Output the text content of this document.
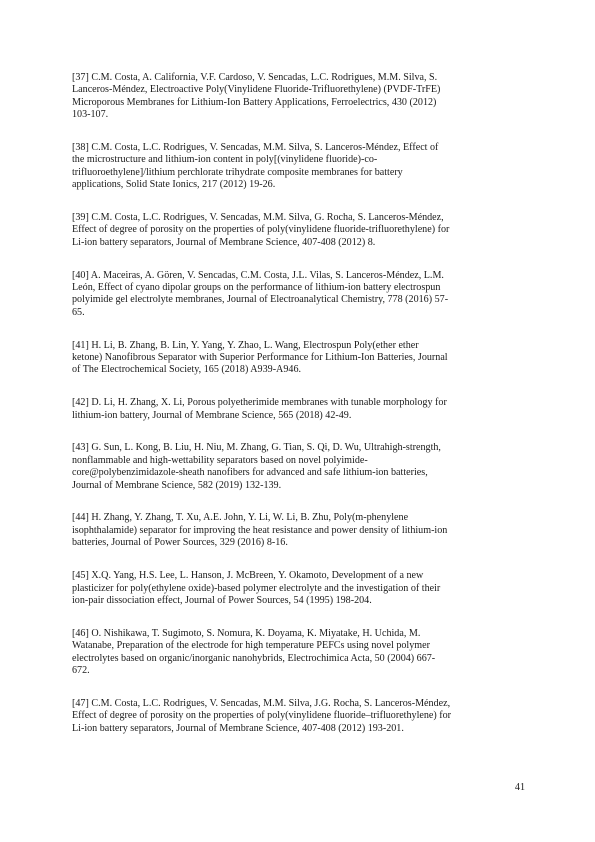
[37] C.M. Costa, A. California, V.F. Cardoso, V. Sencadas, L.C. Rodrigues, M.M. Silva, S.
Lanceros-Méndez, Electroactive Poly(Vinylidene Fluoride-Trifluorethylene) (PVDF-TrFE)
Microporous Membranes for Lithium-Ion Battery Applications, Ferroelectrics, 430 (2012)
103-107.
[38] C.M. Costa, L.C. Rodrigues, V. Sencadas, M.M. Silva, S. Lanceros-Méndez, Effect of
the microstructure and lithium-ion content in poly[(vinylidene fluoride)-co-
trifluoroethylene]/lithium perchlorate trihydrate composite membranes for battery
applications, Solid State Ionics, 217 (2012) 19-26.
[39] C.M. Costa, L.C. Rodrigues, V. Sencadas, M.M. Silva, G. Rocha, S. Lanceros-Méndez,
Effect of degree of porosity on the properties of poly(vinylidene fluoride-trifluorethylene) for
Li-ion battery separators, Journal of Membrane Science, 407-408 (2012) 8.
[40] A. Maceiras, A. Gören, V. Sencadas, C.M. Costa, J.L. Vilas, S. Lanceros-Méndez, L.M.
León, Effect of cyano dipolar groups on the performance of lithium-ion battery electrospun
polyimide gel electrolyte membranes, Journal of Electroanalytical Chemistry, 778 (2016) 57-
65.
[41] H. Li, B. Zhang, B. Lin, Y. Yang, Y. Zhao, L. Wang, Electrospun Poly(ether ether
ketone) Nanofibrous Separator with Superior Performance for Lithium-Ion Batteries, Journal
of The Electrochemical Society, 165 (2018) A939-A946.
[42] D. Li, H. Zhang, X. Li, Porous polyetherimide membranes with tunable morphology for
lithium-ion battery, Journal of Membrane Science, 565 (2018) 42-49.
[43] G. Sun, L. Kong, B. Liu, H. Niu, M. Zhang, G. Tian, S. Qi, D. Wu, Ultrahigh-strength,
nonflammable and high-wettability separators based on novel polyimide-
core@polybenzimidazole-sheath nanofibers for advanced and safe lithium-ion batteries,
Journal of Membrane Science, 582 (2019) 132-139.
[44] H. Zhang, Y. Zhang, T. Xu, A.E. John, Y. Li, W. Li, B. Zhu, Poly(m-phenylene
isophthalamide) separator for improving the heat resistance and power density of lithium-ion
batteries, Journal of Power Sources, 329 (2016) 8-16.
[45] X.Q. Yang, H.S. Lee, L. Hanson, J. McBreen, Y. Okamoto, Development of a new
plasticizer for poly(ethylene oxide)-based polymer electrolyte and the investigation of their
ion-pair dissociation effect, Journal of Power Sources, 54 (1995) 198-204.
[46] O. Nishikawa, T. Sugimoto, S. Nomura, K. Doyama, K. Miyatake, H. Uchida, M.
Watanabe, Preparation of the electrode for high temperature PEFCs using novel polymer
electrolytes based on organic/inorganic nanohybrids, Electrochimica Acta, 50 (2004) 667-
672.
[47] C.M. Costa, L.C. Rodrigues, V. Sencadas, M.M. Silva, J.G. Rocha, S. Lanceros-Méndez,
Effect of degree of porosity on the properties of poly(vinylidene fluoride–trifluorethylene) for
Li-ion battery separators, Journal of Membrane Science, 407-408 (2012) 193-201.
41
